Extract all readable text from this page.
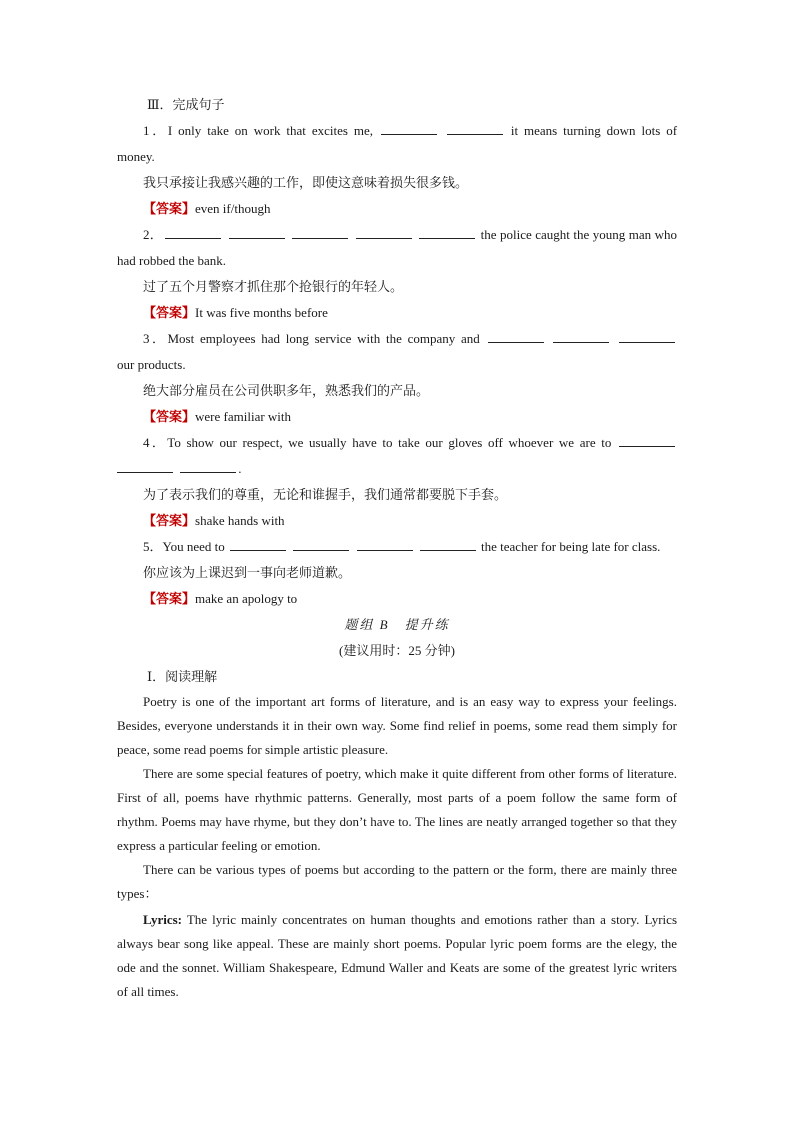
Ⅲ．完成句子

1．I only take on work that excites me,	it means turning down lots of

money.

我只承接让我感兴趣的工作，即使这意味着损失很多钱。

【答案】even if/though

2．	the police caught the young man who

had robbed the bank.

过了五个月警察才抓住那个抢银行的年轻人。

【答案】It was five months before

3．Most employees had long service with the company and

our products.

绝大部分雇员在公司供职多年，熟悉我们的产品。

【答案】were familiar with

4．To show our respect, we usually have to take our gloves off whoever we are to

.

为了表示我们的尊重，无论和谁握手，我们通常都要脱下手套。

【答案】shake hands with

5．You need to	the teacher for being late for class.

你应该为上课迟到一事向老师道歉。

【答案】make an apology to

题组 B　提升练

(建议用时：25 分钟)

Ⅰ．阅读理解

Poetry is one of the important art forms of literature, and is an easy way to express your feelings. Besides, everyone understands it in their own way. Some find relief in poems, some read them simply for peace, some read poems for simple artistic pleasure.

There are some special features of poetry, which make it quite different from other forms of literature. First of all, poems have rhythmic patterns. Generally, most parts of a poem follow the same form of rhythm. Poems may have rhyme, but they don’t have to. The lines are neatly arranged together so that they express a particular feeling or emotion.

There can be various types of poems but according to the pattern or the form, there are mainly three types：

Lyrics: The lyric mainly concentrates on human thoughts and emotions rather than a story. Lyrics always bear song like appeal. These are mainly short poems. Popular lyric poem forms are the elegy, the ode and the sonnet. William Shakespeare, Edmund Waller and Keats are some of the greatest lyric writers of all times.
